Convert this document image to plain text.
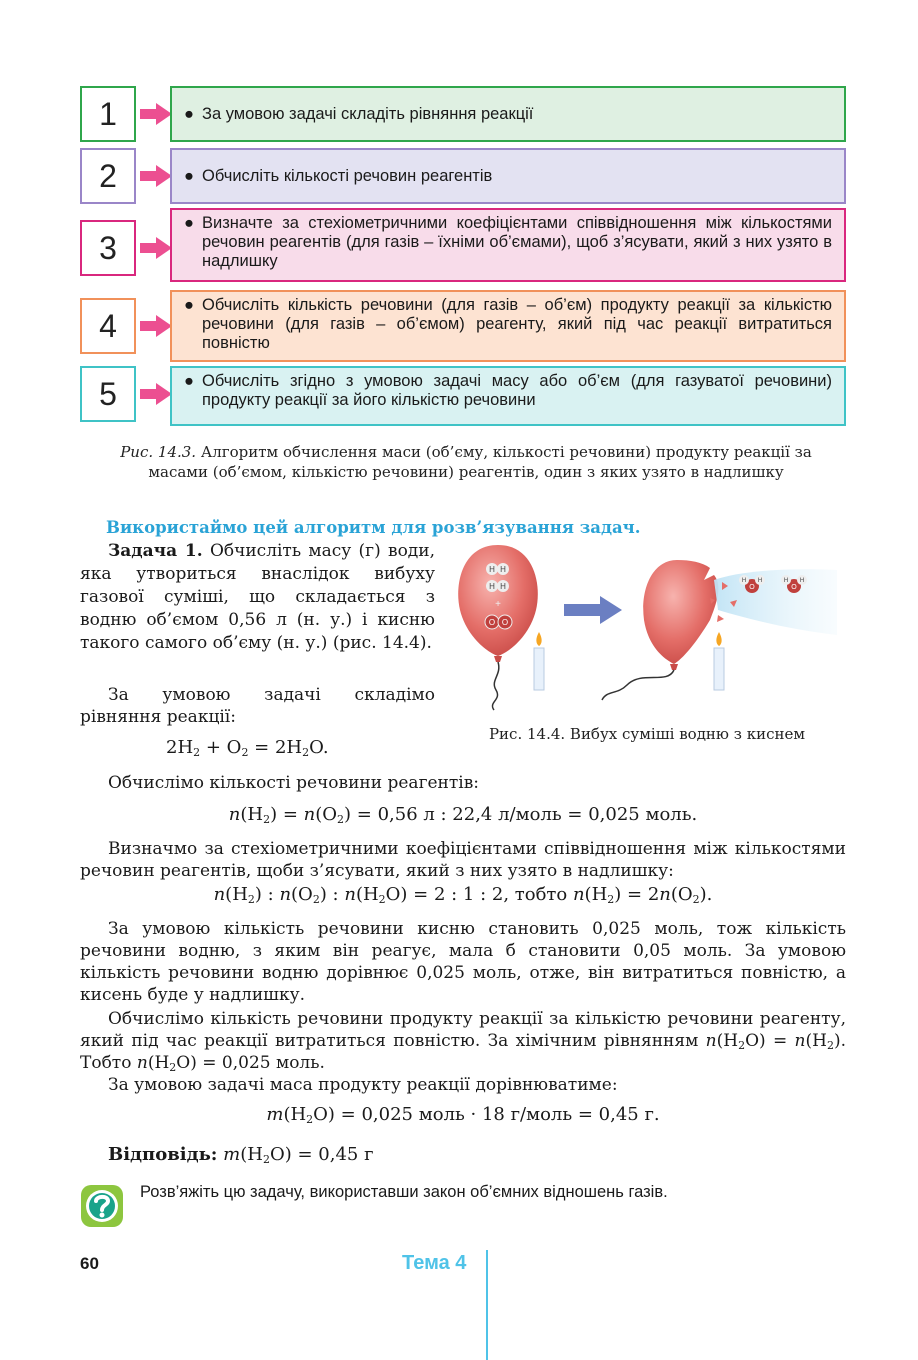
1	● За умовою задачі складіть рівняння реакції
2	● Обчисліть кількості речовин реагентів
3
● Визначте за стехіометричними коефіцієнтами співвідношення між кількостями речовин реагентів (для газів – їхніми об’ємами), щоб з’ясувати, який з них узято в надлишку
4
● Обчисліть кількість речовини (для газів – об’єм) продукту реакції за кількістю речовини (для газів – об’ємом) реагенту, який під час реакції витратиться повністю
5	● Обчисліть згідно з умовою задачі масу або об’єм (для газуватої речовини) продукту реакції за його кількістю речовини
Рис. 14.3. Алгоритм обчислення маси (об’єму, кількості речовини) продукту реакції за масами (об’ємом, кількістю речовини) реагентів, один з яких узято в надлишку
Використаймо цей алгоритм для розв’язування задач.
Задача 1. Обчисліть масу (г) води, яка утвориться внаслідок вибуху газової суміші, що складається з водню об’ємом 0,56 л (н. у.) і кисню такого самого об’єму (н. у.) (рис. 14.4).
За умовою задачі складімо рівняння реакції:
$2H_2 + O_2 = 2H_2O$.
H H
H H
+
O O
O
H H
O
H H
Рис. 14.4. Вибух суміші водню з киснем
Обчислімо кількості речовини реагентів:
$n(H_2) = n(O_2) = 0,56$ л : 22,4 л/моль = 0,025 моль.
Визначмо за стехіометричними коефіцієнтами співвідношення між кількостями речовин реагентів, щоби з’ясувати, який з них узято в надлишку:
$n(H_2)$ : $n(O_2)$ : $n(H_2O) = 2$ : 1 : 2, тобто $n(H_2) = 2n(O_2)$.
За умовою кількість речовини кисню становить 0,025 моль, тож кількість речовини водню, з яким він реагує, мала б становити 0,05 моль. За умовою кількість речовини водню дорівнює 0,025 моль, отже, він витратиться повністю, а кисень буде у надлишку.
Обчислімо кількість речовини продукту реакції за кількістю речовини реагенту, який під час реакції витратиться повністю. За хімічним рівнянням $n(H_2O) = n(H_2)$. Тобто $n(H_2O) = 0,025$ моль.
За умовою задачі маса продукту реакції дорівнюватиме:
$m(H_2O) = 0,025$ моль · 18 г/моль = 0,45 г.
Відповідь: $m(H_2O) = 0,45$ г
Розв’яжіть цю задачу, використавши закон об’ємних відношень газів.
60	Тема 4
